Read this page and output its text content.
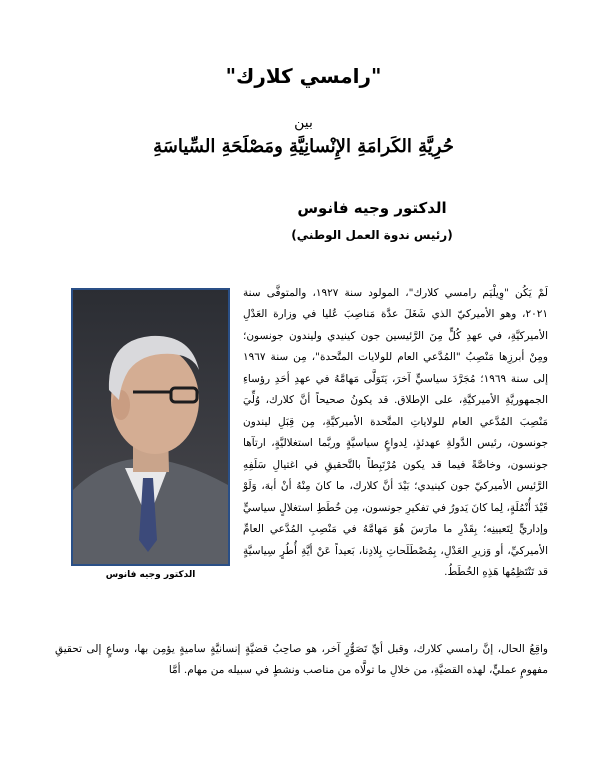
"رامسي كلارك"
بين
حُرِيَّةِ الكَرامَةِ الإِنْسانِيَّةِ ومَصْلَحَةِ السِّياسَةِ
الدكتور وجيه فانوس
(رئيس ندوة العمل الوطني)
الدكتور وجيه فانوس

لَمْ يَكُن "وِيلْيَم رامسي كلارك"، المولود سنة ١٩٢٧، والمتوفَّى سنة ٢٠٢١، وهو الأميركيّ الذي شَغَلَ عدَّة مَناصِبَ عُليا في وزارة العَدْلِ الأميركيَّةِ، في عهدِ كُلٍّ مِنَ الرَّئيسين جون كينيدي وليندون جونسون؛ ومِنْ أبرزِها مَنْصِبُ "المُدَّعي العام للولايات المتَّحدة"، مِن سنة ١٩٦٧ إلى سنة ١٩٦٩؛ مُجَرَّدَ سياسيٍّ آخرَ، يَتَوَلَّى مَهامَّهُ في عهدِ أحَدِ رؤساءِ الجمهوريَّةِ الأميركيَّةِ، على الإطلاق. قد يكونُ صحيحاً أنَّ كلارك، وُلِّيَ مَنْصِبَ المُدَّعي العام للولاياتِ المتَّحدة الأميركيَّةِ، مِن قِبَلِ ليندون جونسون، رئيس الدَّولةِ عهدئذٍ، لِدواعٍ سياسيَّةٍ وربَّما استغلاليَّةٍ، ارتآها جونسون، وخاصَّةً فيما قد يكون مُرْتَبِطاً بالتَّحقيقِ في اغتيالِ سَلَفِهِ الرَّئيس الأميركيّ جون كينيدي؛ بَيْدَ أنَّ كلارك، ما كانَ مِنْهُ أنْ أبهَ، وَلَوْ قَيْدَ أُنْمُلَةٍ، لِما كانَ يَدورُ في تفكيرِ جونسون، مِن خُطَطِ استغلالٍ سياسيٍّ وإداريٍّ لِتَعيينِه؛ بِقَدْرِ ما مارَسَ هُوَ مَهامَّهُ في مَنْصِبِ المُدَّعي العامِّ الأميركيِّ، أو وَزيرِ العَدْلِ، بِمُصْطَلَحاتِ بِلادِنا، بَعيداً عَنْ أيَّةِ أُطُرٍ سِياسيَّةٍ قد تَنْتَظِمُها هَذِهِ الخُطَطُ.

واقِعُ الحال، إنَّ رامسي كلارك، وقبل أيِّ تَصَوُّرٍ آخر، هو صاحِبُ قضيَّةٍ إنسانيَّةٍ ساميةٍ يؤمِن بها، وساعٍ إلى تحقيقِ مفهومٍ عمليٍّ، لهذه القضيَّةِ، من خلالِ ما تولَّاه من مناصب ونشطٍ في سبيله من مهام. أمَّا
